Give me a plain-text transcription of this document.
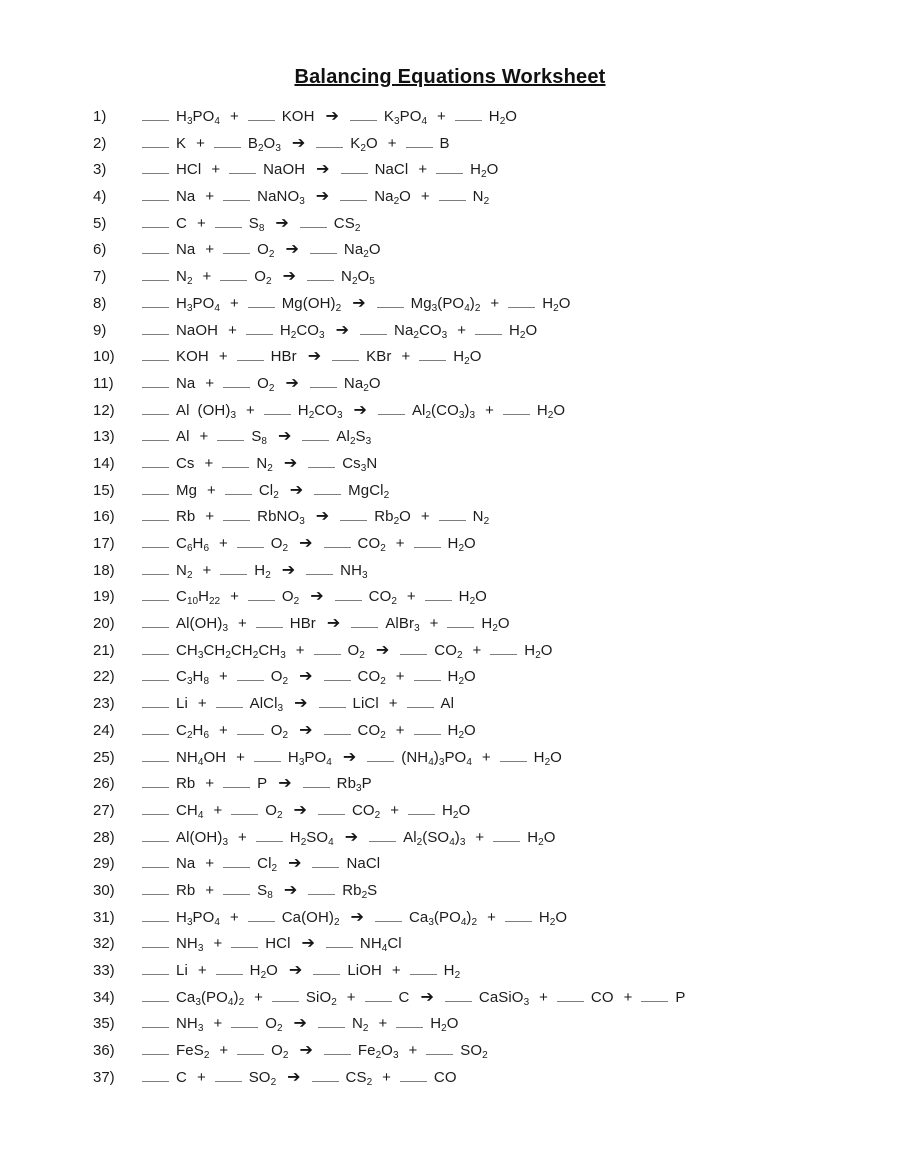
Balancing Equations Worksheet
1)	$H_3PO_4$ +	KOH ➔	$K_3PO_4$ +	$H_2O$
2)	K +	$B_2O_3$ ➔	$K_2O$ +	B
3)	HCl +	NaOH ➔	NaCl +	$H_2O$
4)	Na +	NaNO$_3$ ➔	$Na_2O$ +	$N_2$
5)	C +	$S_8$ ➔	$CS_2$
6)	Na +	$O_2$ ➔	$Na_2O$
7)	$N_2$ +	$O_2$ ➔	$N_2O_5$
8)	$H_3PO_4$ +	$Mg(OH)_2$ ➔	$Mg_3(PO_4)_2$ +	$H_2O$
9)	NaOH +	$H_2CO_3$ ➔	$Na_2CO_3$ +	$H_2O$
10)	KOH +	HBr ➔	KBr +	$H_2O$
11)	Na +	$O_2$ ➔	$Na_2O$
12)	Al $(OH)_3$ +	$H_2CO_3$ ➔	$Al_2(CO_3)_3$ +	$H_2O$
13)	Al +	$S_8$ ➔	$Al_2S_3$
14)	Cs +	$N_2$ ➔	$Cs_3N$
15)	Mg +	$Cl_2$ ➔	MgCl$_2$
16)	Rb +	RbNO$_3$ ➔	$Rb_2O$ +	$N_2$
17)	$C_6H_6$ +	$O_2$ ➔	$CO_2$ +	$H_2O$
18)	$N_2$ +	$H_2$ ➔	$NH_3$
19)	$C_{10}H_{22}$ +	$O_2$ ➔	$CO_2$ +	$H_2O$
20)	$Al(OH)_3$ +	HBr ➔	AlBr$_3$ +	$H_2O$
21)	$CH_3CH_2CH_2CH_3$ +	$O_2$ ➔	$CO_2$ +	$H_2O$
22)	$C_3H_8$ +	$O_2$ ➔	$CO_2$ +	$H_2O$
23)	Li +	AlCl$_3$ ➔	LiCl +	Al
24)	$C_2H_6$ +	$O_2$ ➔	$CO_2$ +	$H_2O$
25)	$NH_4OH$ +	$H_3PO_4$ ➔	$(NH_4)_3PO_4$ +	$H_2O$
26)	Rb +	P ➔	$Rb_3P$
27)	$CH_4$ +	$O_2$ ➔	$CO_2$ +	$H_2O$
28)	$Al(OH)_3$ +	$H_2SO_4$ ➔	$Al_2(SO_4)_3$ +	$H_2O$
29)	Na +	$Cl_2$ ➔	NaCl
30)	Rb +	$S_8$ ➔	$Rb_2S$
31)	$H_3PO_4$ +	$Ca(OH)_2$ ➔	$Ca_3(PO_4)_2$ +	$H_2O$
32)	$NH_3$ +	HCl ➔	$NH_4Cl$
33)	Li +	$H_2O$ ➔	LiOH +	$H_2$
34)	$Ca_3(PO_4)_2$ +	SiO$_2$ +	C ➔	CaSiO$_3$ +	CO +	P
35)	$NH_3$ +	$O_2$ ➔	$N_2$ +	$H_2O$
36)	FeS$_2$ +	$O_2$ ➔	$Fe_2O_3$ +	$SO_2$
37)	C +	$SO_2$ ➔	$CS_2$ +	CO
